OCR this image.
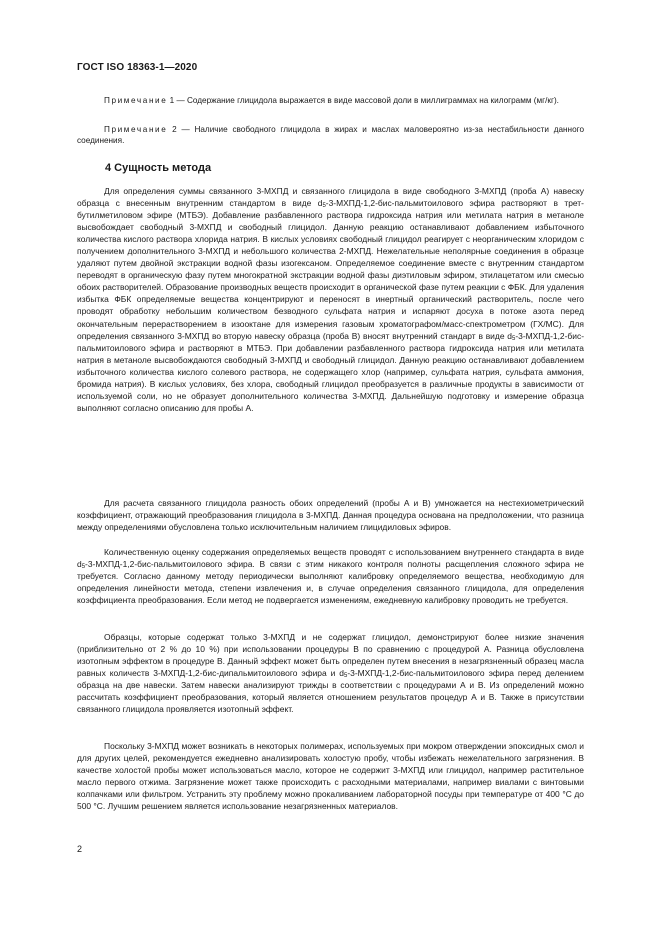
ГОСТ ISO 18363-1—2020
Примечание 1 — Содержание глицидола выражается в виде массовой доли в миллиграммах на килограмм (мг/кг).
Примечание 2 — Наличие свободного глицидола в жирах и маслах маловероятно из-за нестабильности данного соединения.
4 Сущность метода

Для определения суммы связанного 3-МХПД и связанного глицидола в виде свободного 3-МХПД (проба А) навеску образца с внесенным внутренним стандартом в виде $d_5-3-МХПД-1,2-бис$-пальмитоилового эфира растворяют в трет-бутилметиловом эфире (МТБЭ). Добавление разбавленного раствора гидроксида натрия или метилата натрия в метаноле высвобождает свободный 3-МХПД и свободный глицидол. Данную реакцию останавливают добавлением избыточного количества кислого раствора хлорида натрия. В кислых условиях свободный глицидол реагирует с неорганическим хлоридом с получением дополнительного 3-МХПД и небольшого количества 2-МХПД. Нежелательные неполярные соединения в образце удаляют путем двойной экстракции водной фазы изогексаном. Определяемое соединение вместе с внутренним стандартом переводят в органическую фазу путем многократной экстракции водной фазы диэтиловым эфиром, этилацетатом или смесью обоих растворителей. Образование производных веществ происходит в органической фазе путем реакции с ФБК. Для удаления избытка ФБК определяемые вещества концентрируют и переносят в инертный органический растворитель, после чего проводят обработку небольшим количеством безводного сульфата натрия и испаряют досуха в потоке азота перед окончательным перерастворением в изооктане для измерения газовым хроматографом/масс-спектрометром (ГХ/МС). Для определения связанного 3-МХПД во вторую навеску образца (проба В) вносят внутренний стандарт в виде $d_5-3-МХПД-1,2-бис$-пальмитоилового эфира и растворяют в МТБЭ. При добавлении разбавленного раствора гидроксида натрия или метилата натрия в метаноле высвобождаются свободный 3-МХПД и свободный глицидол. Данную реакцию останавливают добавлением избыточного количества кислого солевого раствора, не содержащего хлор (например, сульфата натрия, сульфата аммония, бромида натрия). В кислых условиях, без хлора, свободный глицидол преобразуется в различные продукты в зависимости от используемой соли, но не образует дополнительного количества 3-МХПД. Дальнейшую подготовку и измерение образца выполняют согласно описанию для пробы А.

Для расчета связанного глицидола разность обоих определений (пробы А и В) умножается на нестехиометрический коэффициент, отражающий преобразования глицидола в 3-МХПД. Данная процедура основана на предположении, что разница между определениями обусловлена только исключительным наличием глицидиловых эфиров.

Количественную оценку содержания определяемых веществ проводят с использованием внутреннего стандарта в виде $d_5-3-МХПД-1,2-бис$-пальмитоилового эфира. В связи с этим никакого контроля полноты расщепления сложного эфира не требуется. Согласно данному методу периодически выполняют калибровку определяемого вещества, необходимую для определения линейности метода, степени извлечения и, в случае определения связанного глицидола, для определения коэффициента преобразования. Если метод не подвергается изменениям, ежедневную калибровку проводить не требуется.

Образцы, которые содержат только 3-МХПД и не содержат глицидол, демонстрируют более низкие значения (приблизительно от 2 % до 10 %) при использовании процедуры В по сравнению с процедурой А. Разница обусловлена изотопным эффектом в процедуре В. Данный эффект может быть определен путем внесения в незагрязненный образец масла равных количеств 3-МХПД-1,2-бис-дипальмитоилового эфира и $d_5-3-МХПД-1,2-бис$-пальмитоилового эфира перед делением образца на две навески. Затем навески анализируют трижды в соответствии с процедурами А и В. Из определений можно рассчитать коэффициент преобразования, который является отношением результатов процедур А и В. Также в присутствии связанного глицидола проявляется изотопный эффект.

Поскольку 3-МХПД может возникать в некоторых полимерах, используемых при мокром отверждении эпоксидных смол и для других целей, рекомендуется ежедневно анализировать холостую пробу, чтобы избежать нежелательного загрязнения. В качестве холостой пробы может использоваться масло, которое не содержит 3-МХПД или глицидол, например растительное масло первого отжима. Загрязнение может также происходить с расходными материалами, например виалами с винтовыми колпачками или фильтром. Устранить эту проблему можно прокаливанием лабораторной посуды при температуре от 400 °С до 500 °С. Лучшим решением является использование незагрязненных материалов.

2
